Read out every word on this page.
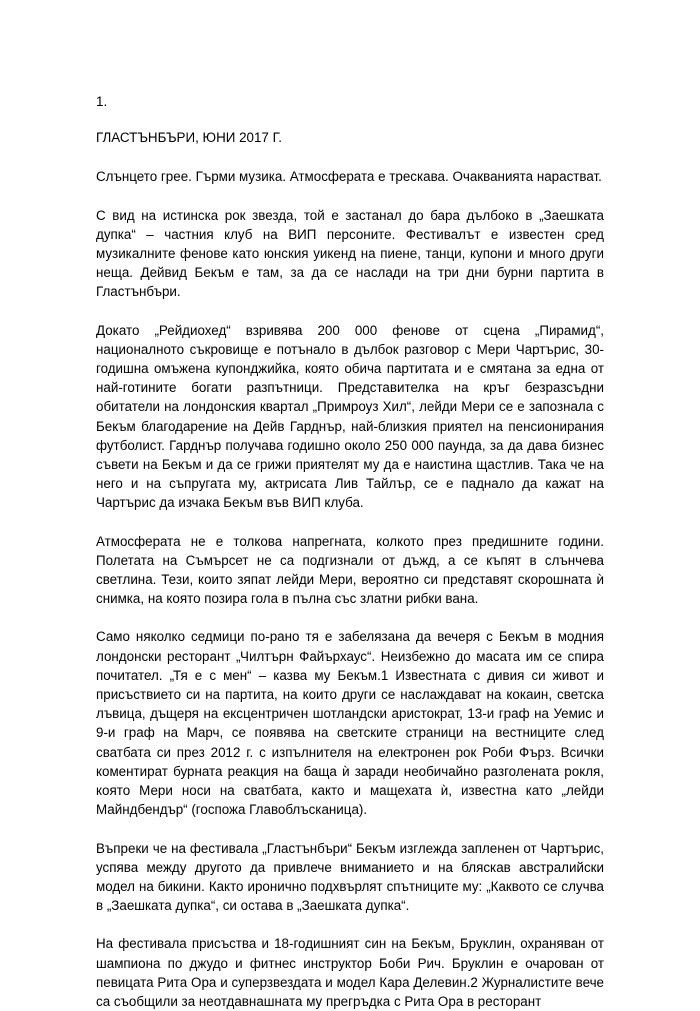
1.
ГЛАСТЪНБЪРИ, ЮНИ 2017 Г.

Слънцето грее. Гърми музика. Атмосферата е трескава. Очакванията нарастват.

С вид на истинска рок звезда, той е застанал до бара дълбоко в „Заешката дупка“ – частния клуб на ВИП персоните. Фестивалът е известен сред музикалните фенове като юнския уикенд на пиене, танци, купони и много други неща. Дейвид Бекъм е там, за да се наслади на три дни бурни партита в Гластънбъри.

Докато „Рейдиохед“ взривява 200 000 фенове от сцена „Пирамид“, националното съкровище е потънало в дълбок разговор с Мери Чартърис, 30-годишна омъжена купонджийка, която обича партитата и е смятана за една от най-готините богати разпътници. Представителка на кръг безразсъдни обитатели на лондонския квартал „Примроуз Хил“, лейди Мери се е запознала с Бекъм благодарение на Дейв Гарднър, най-близкия приятел на пенсионирания футболист. Гарднър получава годишно около 250 000 паунда, за да дава бизнес съвети на Бекъм и да се грижи приятелят му да е наистина щастлив. Така че на него и на съпругата му, актрисата Лив Тайлър, се е паднало да кажат на Чартърис да изчака Бекъм във ВИП клуба.

Атмосферата не е толкова напрегната, колкото през предишните години. Полетата на Съмърсет не са подгизнали от дъжд, а се къпят в слънчева светлина. Тези, които зяпат лейди Мери, вероятно си представят скорошната ѝ снимка, на която позира гола в пълна със златни рибки вана.

Само няколко седмици по-рано тя е забелязана да вечеря с Бекъм в модния лондонски ресторант „Чилтърн Файърхаус“. Неизбежно до масата им се спира почитател. „Тя е с мен“ – казва му Бекъм.1 Известната с дивия си живот и присъствието си на партита, на които други се наслаждават на кокаин, светска лъвица, дъщеря на ексцентричен шотландски аристократ, 13-и граф на Уемис и 9-и граф на Марч, се появява на светските страници на вестниците след сватбата си през 2012 г. с изпълнителя на електронен рок Роби Фърз. Всички коментират бурната реакция на баща ѝ заради необичайно разголената рокля, която Мери носи на сватбата, както и мащехата ѝ, известна като „лейди Майндбендър“ (госпожа Главоблъсканица).

Въпреки че на фестивала „Гластънбъри“ Бекъм изглежда запленен от Чартърис, успява между другото да привлече вниманието и на бляскав австралийски модел на бикини. Както иронично подхвърлят спътниците му: „Каквото се случва в „Заешката дупка“, си остава в „Заешката дупка“.

На фестивала присъства и 18-годишният син на Бекъм, Бруклин, охраняван от шампиона по джудо и фитнес инструктор Боби Рич. Бруклин е очарован от певицата Рита Ора и суперзвездата и модел Кара Делевин.2 Журналистите вече са съобщили за неотдавнашната му прегръдка с Рита Ора в ресторант
